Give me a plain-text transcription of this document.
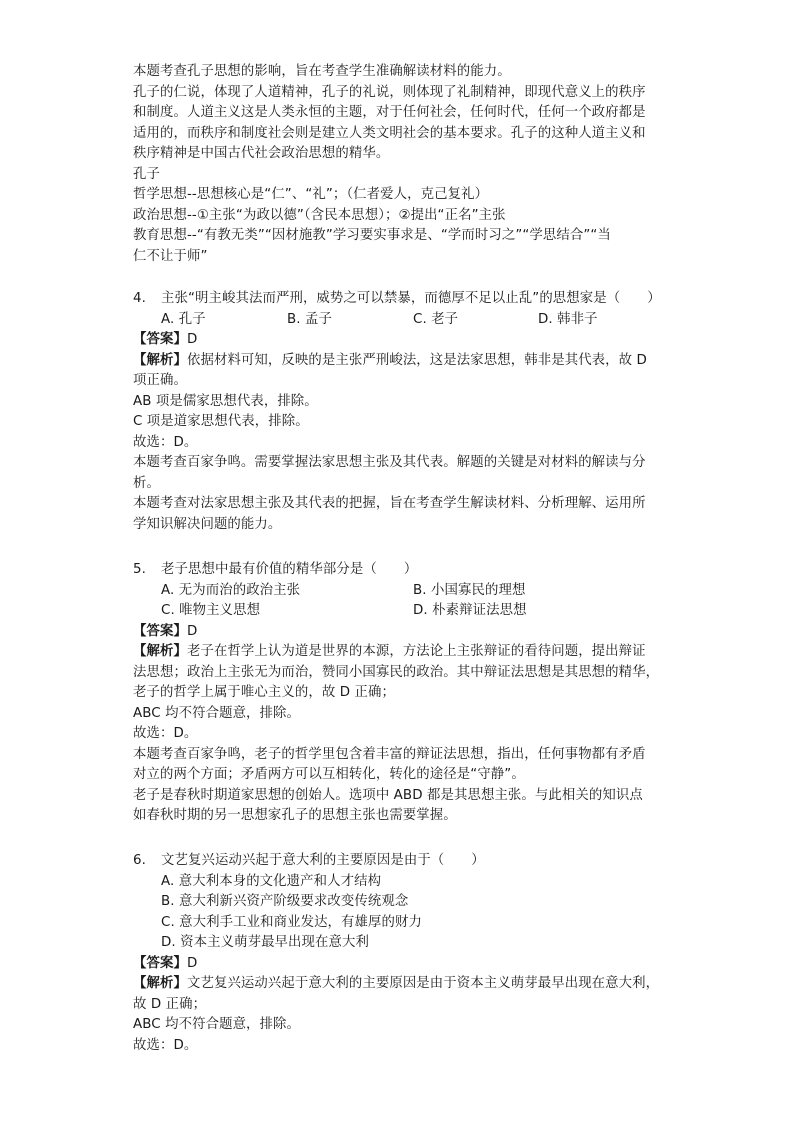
本题考查孔子思想的影响，旨在考查学生准确解读材料的能力。
孔子的仁说，体现了人道精神，孔子的礼说，则体现了礼制精神，即现代意义上的秩序
和制度。人道主义这是人类永恒的主题，对于任何社会，任何时代，任何一个政府都是
适用的，而秩序和制度社会则是建立人类文明社会的基本要求。孔子的这种人道主义和
秩序精神是中国古代社会政治思想的精华。
孔子
哲学思想--思想核心是“仁”、“礼”；（仁者爱人，克己复礼）
政治思想--①主张“为政以德”（含民本思想）；②提出“正名”主张
教育思想--“有教无类”“因材施教”学习要实事求是、“学而时习之”“学思结合”“当
仁不让于师”
4. 主张“明主峻其法而严刑，威势之可以禁暴，而德厚不足以止乱”的思想家是（　　）
A. 孔子	B. 孟子	C. 老子	D. 韩非子
【答案】D
【解析】依据材料可知，反映的是主张严刑峻法，这是法家思想，韩非是其代表，故 D
项正确。
AB 项是儒家思想代表，排除。
C 项是道家思想代表，排除。
故选：D。
本题考查百家争鸣。需要掌握法家思想主张及其代表。解题的关键是对材料的解读与分
析。
本题考查对法家思想主张及其代表的把握，旨在考查学生解读材料、分析理解、运用所
学知识解决问题的能力。
5. 老子思想中最有价值的精华部分是（　　）
A. 无为而治的政治主张	B. 小国寡民的理想
C. 唯物主义思想	D. 朴素辩证法思想
【答案】D
【解析】老子在哲学上认为道是世界的本源，方法论上主张辩证的看待问题，提出辩证
法思想；政治上主张无为而治，赞同小国寡民的政治。其中辩证法思想是其思想的精华，
老子的哲学上属于唯心主义的，故 D 正确；
ABC 均不符合题意，排除。
故选：D。
本题考查百家争鸣，老子的哲学里包含着丰富的辩证法思想，指出，任何事物都有矛盾
对立的两个方面；矛盾两方可以互相转化，转化的途径是“守静”。
老子是春秋时期道家思想的创始人。选项中 ABD 都是其思想主张。与此相关的知识点
如春秋时期的另一思想家孔子的思想主张也需要掌握。
6. 文艺复兴运动兴起于意大利的主要原因是由于（　　）
A. 意大利本身的文化遗产和人才结构
B. 意大利新兴资产阶级要求改变传统观念
C. 意大利手工业和商业发达，有雄厚的财力
D. 资本主义萌芽最早出现在意大利
【答案】D
【解析】文艺复兴运动兴起于意大利的主要原因是由于资本主义萌芽最早出现在意大利，
故 D 正确；
ABC 均不符合题意，排除。
故选：D。
